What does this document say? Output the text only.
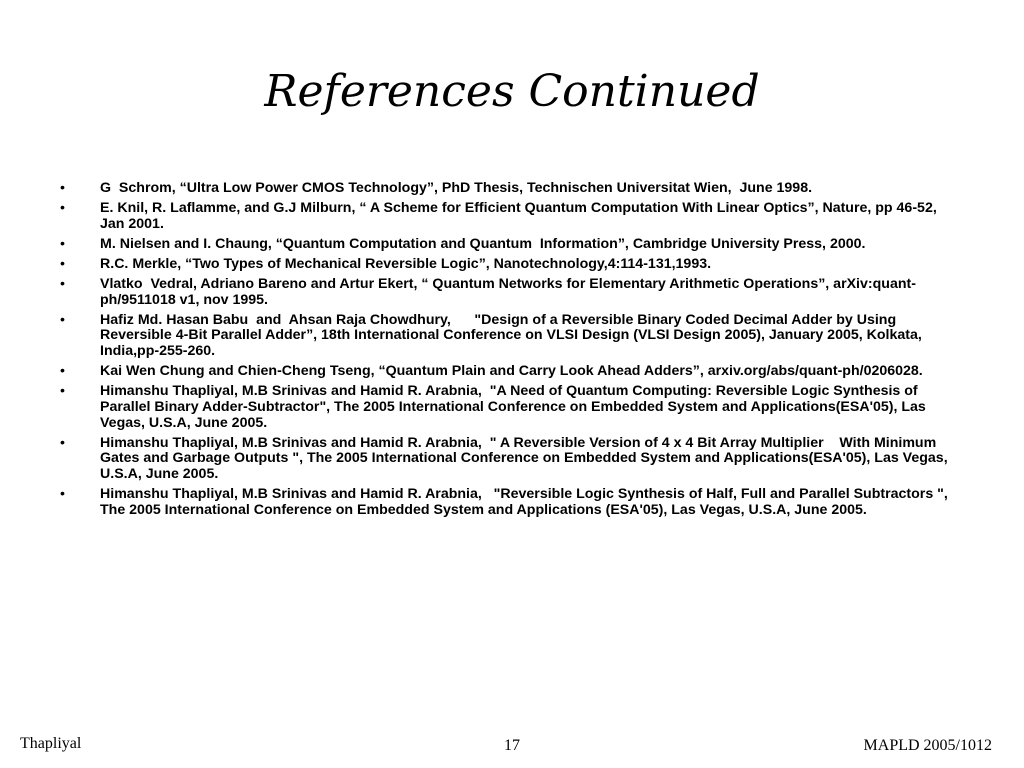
References Continued
• G  Schrom, “Ultra Low Power CMOS Technology”, PhD Thesis, Technischen Universitat Wien,  June 1998.
• E. Knil, R. Laflamme, and G.J Milburn, “ A Scheme for Efficient Quantum Computation With Linear Optics”, Nature, pp 46-52, Jan 2001.
• M. Nielsen and I. Chaung, “Quantum Computation and Quantum  Information”, Cambridge University Press, 2000.
• R.C. Merkle, “Two Types of Mechanical Reversible Logic”, Nanotechnology,4:114-131,1993.
• Vlatko  Vedral, Adriano Bareno and Artur Ekert, “ Quantum Networks for Elementary Arithmetic Operations”, arXiv:quant-ph/9511018 v1, nov 1995.
• Hafiz Md. Hasan Babu  and  Ahsan Raja Chowdhury,      "Design of a Reversible Binary Coded Decimal Adder by Using Reversible 4-Bit Parallel Adder”, 18th International Conference on VLSI Design (VLSI Design 2005), January 2005, Kolkata, India,pp-255-260.
• Kai Wen Chung and Chien-Cheng Tseng, “Quantum Plain and Carry Look Ahead Adders”, arxiv.org/abs/quant-ph/0206028.
• Himanshu Thapliyal, M.B Srinivas and Hamid R. Arabnia,  "A Need of Quantum Computing: Reversible Logic Synthesis of    Parallel Binary Adder-Subtractor", The 2005 International Conference on Embedded System and Applications(ESA'05), Las Vegas, U.S.A, June 2005.
• Himanshu Thapliyal, M.B Srinivas and Hamid R. Arabnia,  " A Reversible Version of 4 x 4 Bit Array Multiplier    With Minimum Gates and Garbage Outputs ", The 2005 International Conference on Embedded System and Applications(ESA'05), Las Vegas, U.S.A, June 2005.
• Himanshu Thapliyal, M.B Srinivas and Hamid R. Arabnia,   "Reversible Logic Synthesis of Half, Full and Parallel Subtractors ", The 2005 International Conference on Embedded System and Applications (ESA'05), Las Vegas, U.S.A, June 2005.
Thapliyal	17	MAPLD 2005/1012
